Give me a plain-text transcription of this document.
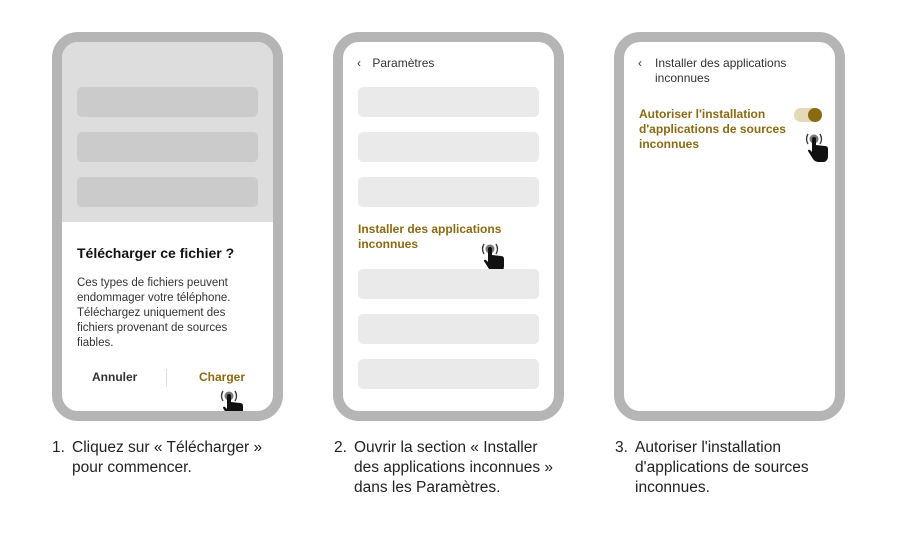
Télécharger ce fichier ?
Ces types de fichiers peuvent endommager votre téléphone. Téléchargez uniquement des fichiers provenant de sources fiables.
Annuler	Charger
‹ Paramètres
Installer des applications inconnues
‹	Installer des applications inconnues
Autoriser l'installation d'applications de sources inconnues
1. Cliquez sur « Télécharger » pour commencer.
2. Ouvrir la section « Installer des applications inconnues » dans les Paramètres.
3. Autoriser l'installation d'applications de sources inconnues.
